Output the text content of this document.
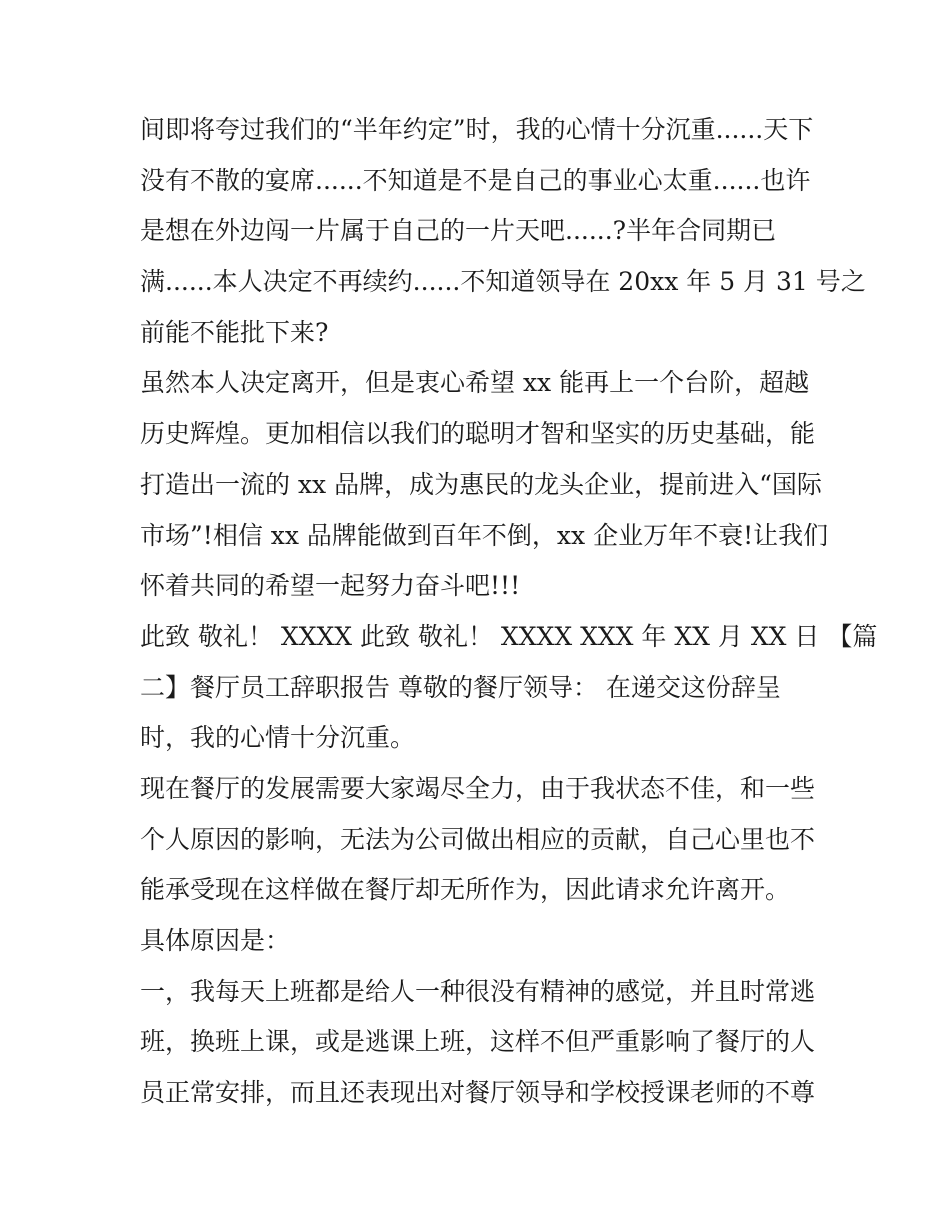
间即将夸过我们的“半年约定”时，我的心情十分沉重......天下
没有不散的宴席......不知道是不是自己的事业心太重......也许
是想在外边闯一片属于自己的一片天吧......?半年合同期已
满......本人决定不再续约......不知道领导在 20xx 年 5 月 31 号之
前能不能批下来?
虽然本人决定离开，但是衷心希望 xx 能再上一个台阶，超越
历史辉煌。更加相信以我们的聪明才智和坚实的历史基础，能
打造出一流的 xx 品牌，成为惠民的龙头企业，提前进入“国际
市场”!相信 xx 品牌能做到百年不倒，xx 企业万年不衰!让我们
怀着共同的希望一起努力奋斗吧!!!
此致 敬礼！ XXXX 此致 敬礼！ XXXX XXX 年 XX 月 XX 日 【篇
二】餐厅员工辞职报告 尊敬的餐厅领导： 在递交这份辞呈
时，我的心情十分沉重。
现在餐厅的发展需要大家竭尽全力，由于我状态不佳，和一些
个人原因的影响，无法为公司做出相应的贡献，自己心里也不
能承受现在这样做在餐厅却无所作为，因此请求允许离开。
具体原因是：
一，我每天上班都是给人一种很没有精神的感觉，并且时常逃
班，换班上课，或是逃课上班，这样不但严重影响了餐厅的人
员正常安排，而且还表现出对餐厅领导和学校授课老师的不尊
